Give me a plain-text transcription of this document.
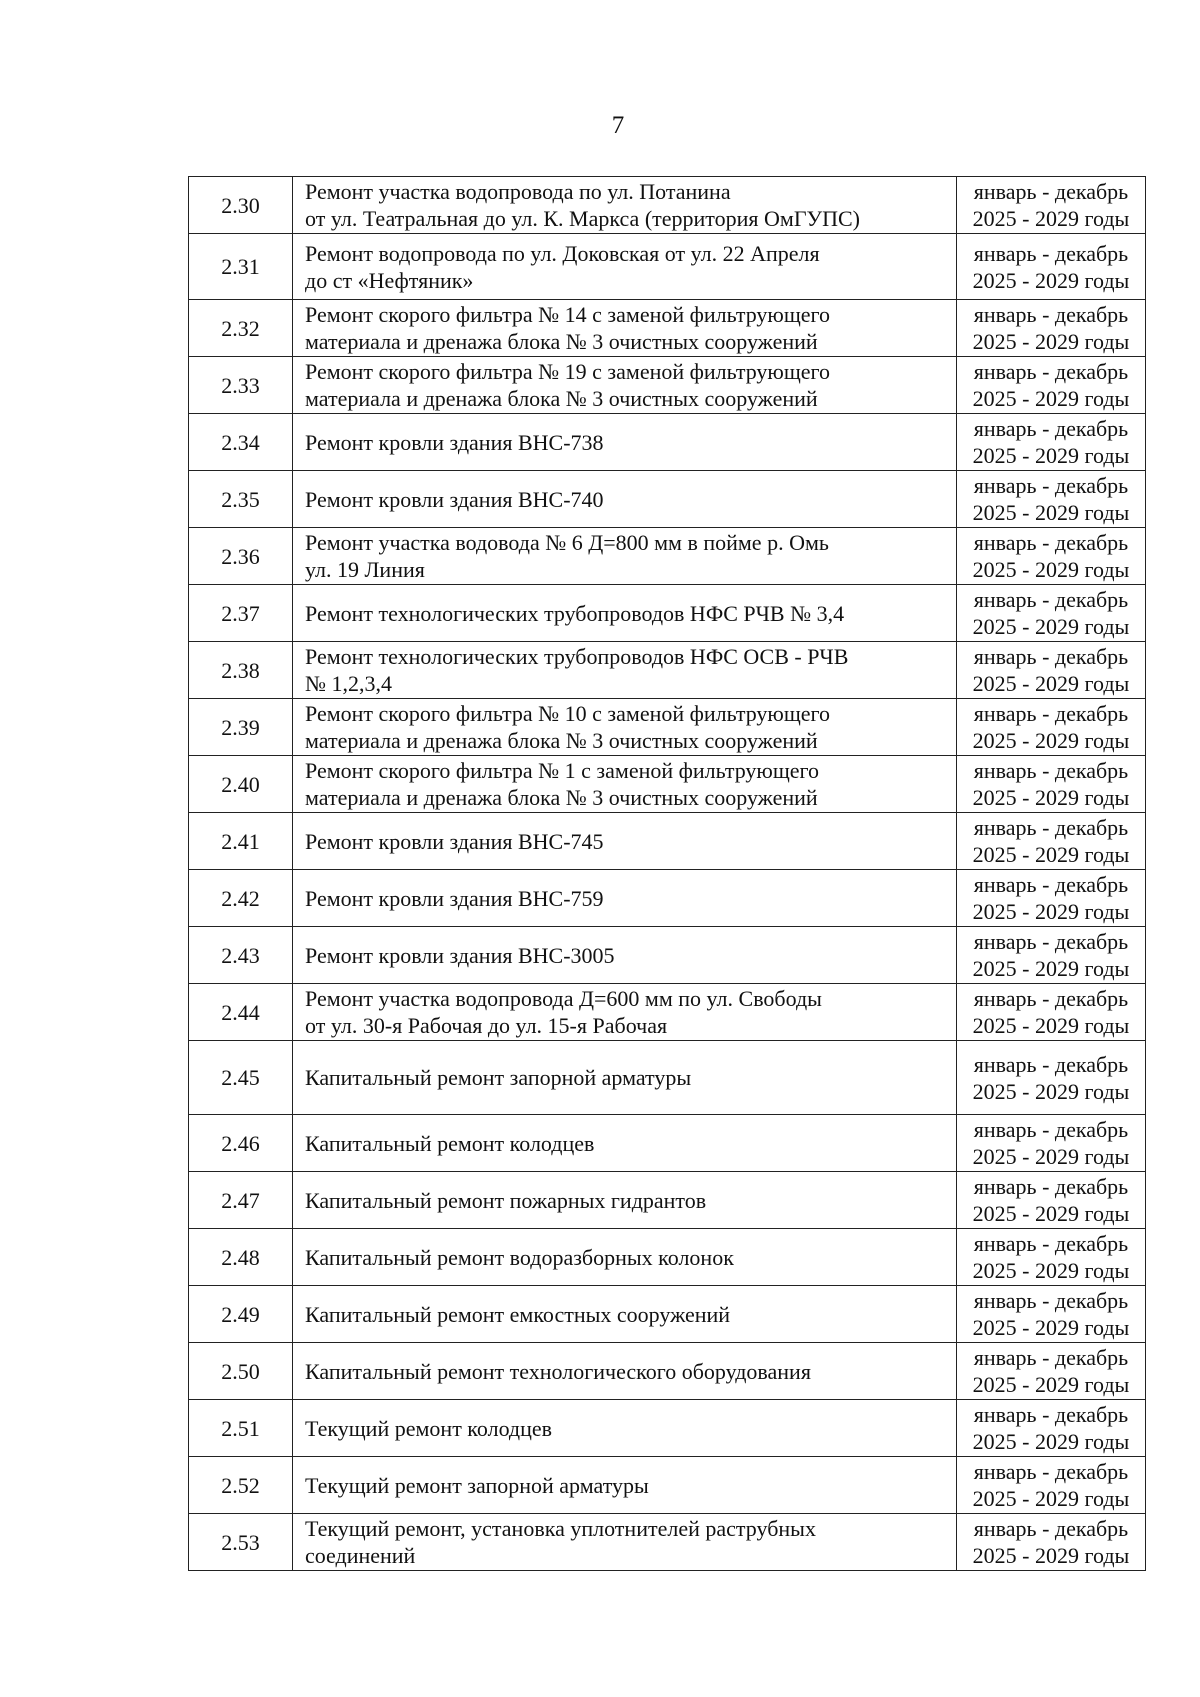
7
2.30	Ремонт участка водопровода по ул. Потанина
от ул. Театральная до ул. К. Маркса (территория ОмГУПС)	январь - декабрь
2025 - 2029 годы

2.31	Ремонт водопровода по ул. Доковская от ул. 22 Апреля
до ст «Нефтяник»	январь - декабрь
2025 - 2029 годы

2.32	Ремонт скорого фильтра № 14 с заменой фильтрующего
материала и дренажа блока № 3 очистных сооружений	январь - декабрь
2025 - 2029 годы

2.33	Ремонт скорого фильтра № 19 с заменой фильтрующего
материала и дренажа блока № 3 очистных сооружений	январь - декабрь
2025 - 2029 годы

2.34	Ремонт кровли здания ВНС-738	январь - декабрь
2025 - 2029 годы

2.35	Ремонт кровли здания ВНС-740	январь - декабрь
2025 - 2029 годы

2.36	Ремонт участка водовода № 6 Д=800 мм в пойме р. Омь
ул. 19 Линия	январь - декабрь
2025 - 2029 годы

2.37	Ремонт технологических трубопроводов НФС РЧВ № 3,4	январь - декабрь
2025 - 2029 годы

2.38	Ремонт технологических трубопроводов НФС ОСВ - РЧВ
№ 1,2,3,4	январь - декабрь
2025 - 2029 годы

2.39	Ремонт скорого фильтра № 10 с заменой фильтрующего
материала и дренажа блока № 3 очистных сооружений	январь - декабрь
2025 - 2029 годы

2.40	Ремонт скорого фильтра № 1 с заменой фильтрующего
материала и дренажа блока № 3 очистных сооружений	январь - декабрь
2025 - 2029 годы

2.41	Ремонт кровли здания ВНС-745	январь - декабрь
2025 - 2029 годы

2.42	Ремонт кровли здания ВНС-759	январь - декабрь
2025 - 2029 годы

2.43	Ремонт кровли здания ВНС-3005	январь - декабрь
2025 - 2029 годы

2.44	Ремонт участка водопровода Д=600 мм по ул. Свободы
от ул. 30-я Рабочая до ул. 15-я Рабочая	январь - декабрь
2025 - 2029 годы

2.45	Капитальный ремонт запорной арматуры	январь - декабрь
2025 - 2029 годы

2.46	Капитальный ремонт колодцев	январь - декабрь
2025 - 2029 годы

2.47	Капитальный ремонт пожарных гидрантов	январь - декабрь
2025 - 2029 годы

2.48	Капитальный ремонт водоразборных колонок	январь - декабрь
2025 - 2029 годы

2.49	Капитальный ремонт емкостных сооружений	январь - декабрь
2025 - 2029 годы

2.50	Капитальный ремонт технологического оборудования	январь - декабрь
2025 - 2029 годы

2.51	Текущий ремонт колодцев	январь - декабрь
2025 - 2029 годы

2.52	Текущий ремонт запорной арматуры	январь - декабрь
2025 - 2029 годы

2.53	Текущий ремонт, установка уплотнителей раструбных
соединений	январь - декабрь
2025 - 2029 годы
